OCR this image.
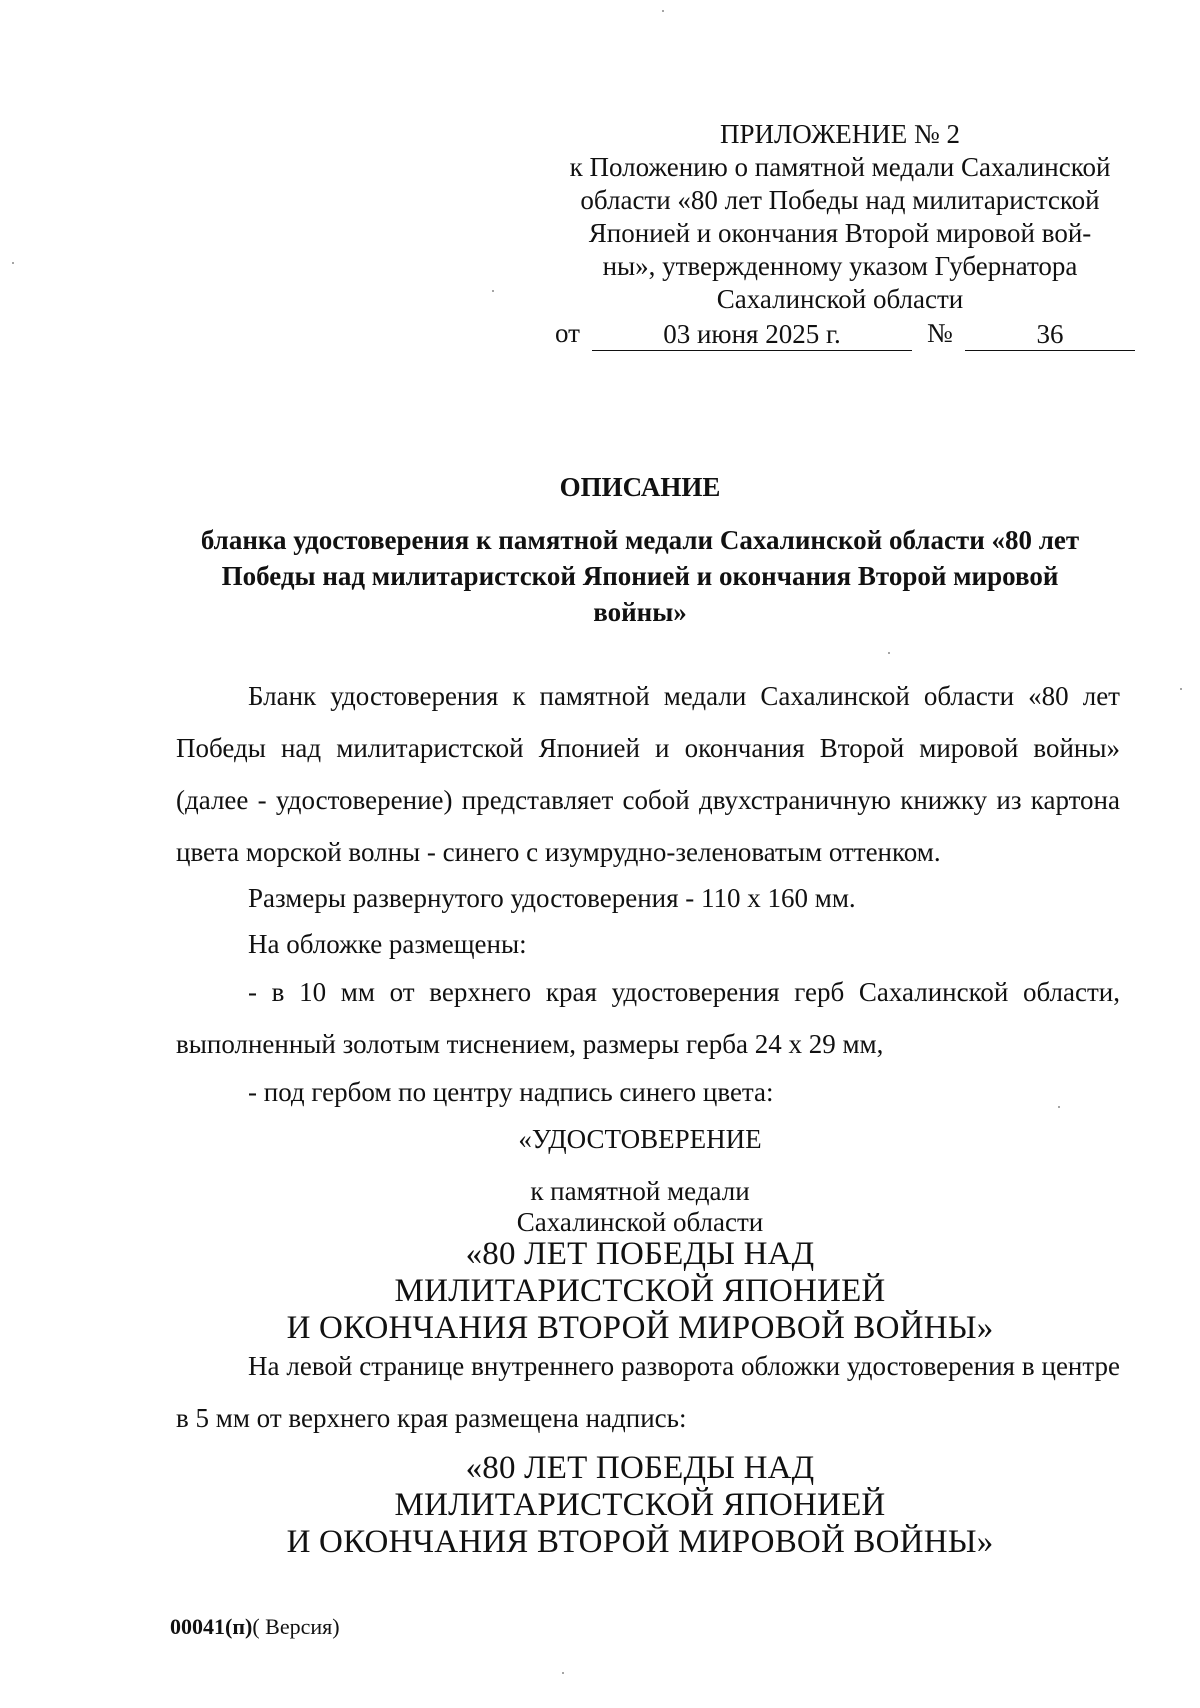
ПРИЛОЖЕНИЕ № 2
к Положению о памятной медали Сахалинской
области «80 лет Победы над милитаристской
Японией и окончания Второй мировой вой-
ны», утвержденному указом Губернатора
Сахалинской области
от	03 июня 2025 г.	№	36
ОПИСАНИЕ
бланка удостоверения к памятной медали Сахалинской области «80 лет
Победы над милитаристской Японией и окончания Второй мировой
войны»

Бланк удостоверения к памятной медали Сахалинской области «80 лет Победы над милитаристской Японией и окончания Второй мировой войны» (далее - удостоверение) представляет собой двухстраничную книжку из картона цвета морской волны - синего с изумрудно-зеленоватым оттенком.

Размеры развернутого удостоверения - 110 х 160 мм.

На обложке размещены:

- в 10 мм от верхнего края удостоверения герб Сахалинской области, выполненный золотым тиснением, размеры герба 24 х 29 мм,

- под гербом по центру надпись синего цвета:

«УДОСТОВЕРЕНИЕ
к памятной медали
Сахалинской области
«80 ЛЕТ ПОБЕДЫ НАД
МИЛИТАРИСТСКОЙ ЯПОНИЕЙ
И ОКОНЧАНИЯ ВТОРОЙ МИРОВОЙ ВОЙНЫ»

На левой странице внутреннего разворота обложки удостоверения в центре в 5 мм от верхнего края размещена надпись:

«80 ЛЕТ ПОБЕДЫ НАД
МИЛИТАРИСТСКОЙ ЯПОНИЕЙ
И ОКОНЧАНИЯ ВТОРОЙ МИРОВОЙ ВОЙНЫ»
00041(п)( Версия)
